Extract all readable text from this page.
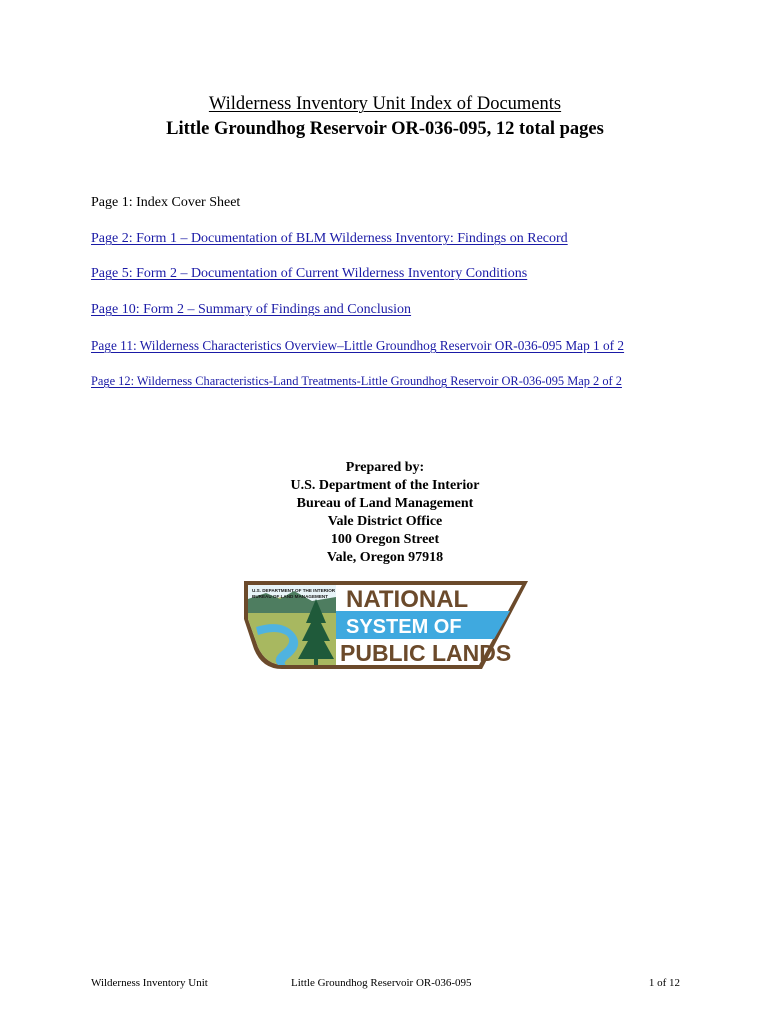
Wilderness Inventory Unit Index of Documents
Little Groundhog Reservoir OR-036-095, 12 total pages
Page 1: Index Cover Sheet
Page 2: Form 1 – Documentation of BLM Wilderness Inventory: Findings on Record
Page 5: Form 2 – Documentation of Current Wilderness Inventory Conditions
Page 10: Form 2 – Summary of Findings and Conclusion
Page 11: Wilderness Characteristics Overview–Little Groundhog Reservoir OR-036-095 Map 1 of 2
Page 12: Wilderness Characteristics-Land Treatments-Little Groundhog Reservoir OR-036-095 Map 2 of 2
Prepared by:
U.S. Department of the Interior
Bureau of Land Management
Vale District Office
100 Oregon Street
Vale, Oregon 97918
U.S. DEPARTMENT OF THE INTERIOR
BUREAU OF LAND MANAGEMENT NATIONAL
SYSTEM OF
PUBLIC LANDS
Wilderness Inventory Unit	Little Groundhog Reservoir OR-036-095	1 of 12
